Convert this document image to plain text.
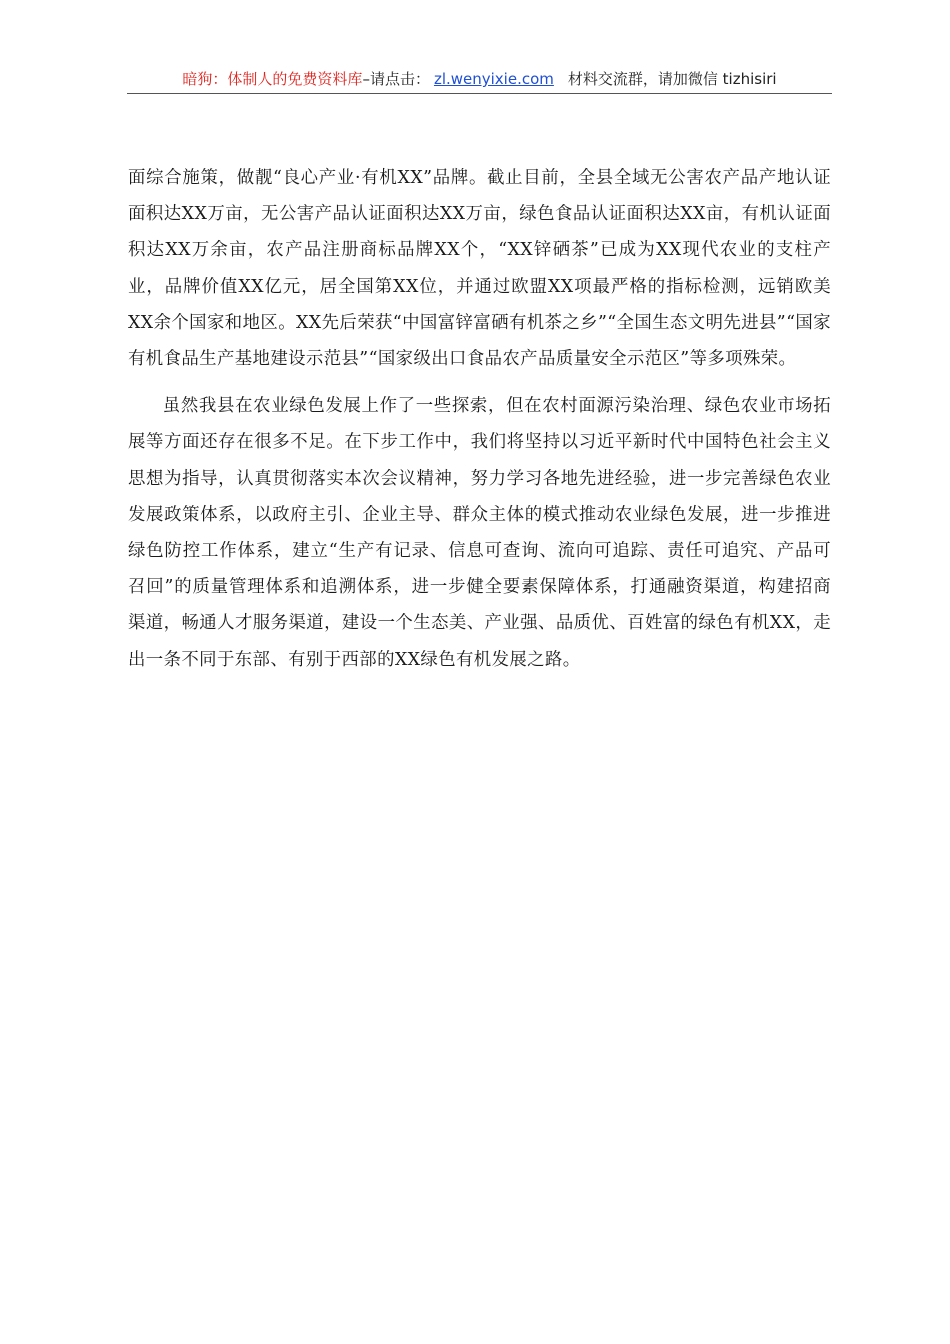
暗狗：体制人的免费资料库–请点击： zl.wenyixie.com 材料交流群，请加微信 tizhisiri

面综合施策，做靓“良心产业·有机XX”品牌。截止目前，全县全域无公害农产品产地认证面积达XX万亩，无公害产品认证面积达XX万亩，绿色食品认证面积达XX亩，有机认证面积达XX万余亩，农产品注册商标品牌XX个，“XX锌硒茶”已成为XX现代农业的支柱产业，品牌价值XX亿元，居全国第XX位，并通过欧盟XX项最严格的指标检测，远销欧美XX余个国家和地区。XX先后荣获“中国富锌富硒有机茶之乡”“全国生态文明先进县”“国家有机食品生产基地建设示范县”“国家级出口食品农产品质量安全示范区”等多项殊荣。

虽然我县在农业绿色发展上作了一些探索，但在农村面源污染治理、绿色农业市场拓展等方面还存在很多不足。在下步工作中，我们将坚持以习近平新时代中国特色社会主义思想为指导，认真贯彻落实本次会议精神，努力学习各地先进经验，进一步完善绿色农业发展政策体系，以政府主引、企业主导、群众主体的模式推动农业绿色发展，进一步推进绿色防控工作体系，建立“生产有记录、信息可查询、流向可追踪、责任可追究、产品可召回”的质量管理体系和追溯体系，进一步健全要素保障体系，打通融资渠道，构建招商渠道，畅通人才服务渠道，建设一个生态美、产业强、品质优、百姓富的绿色有机XX，走出一条不同于东部、有别于西部的XX绿色有机发展之路。
